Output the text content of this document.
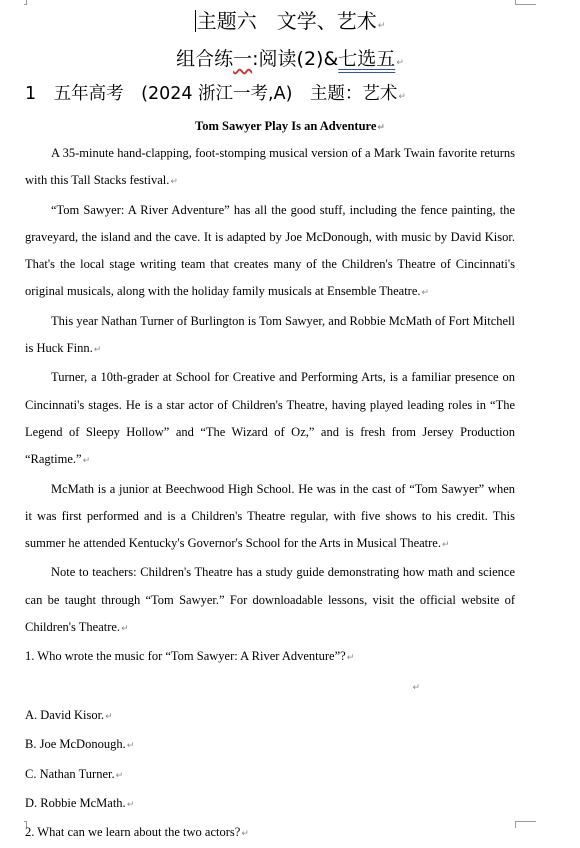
主题六　文学、艺术↵
组合练一:阅读(2)&七选五↵
1　五年高考　(2024 浙江一考,A)　主题：艺术↵
Tom Sawyer Play Is an Adventure↵

A 35-minute hand-clapping, foot-stomping musical version of a Mark Twain favorite returns with this Tall Stacks festival.↵

“Tom Sawyer: A River Adventure” has all the good stuff, including the fence painting, the graveyard, the island and the cave. It is adapted by Joe McDonough, with music by David Kisor. That's the local stage writing team that creates many of the Children's Theatre of Cincinnati's original musicals, along with the holiday family musicals at Ensemble Theatre.↵

This year Nathan Turner of Burlington is Tom Sawyer, and Robbie McMath of Fort Mitchell is Huck Finn.↵

Turner, a 10th-grader at School for Creative and Performing Arts, is a familiar presence on Cincinnati's stages. He is a star actor of Children's Theatre, having played leading roles in “The Legend of Sleepy Hollow” and “The Wizard of Oz,” and is fresh from Jersey Production “Ragtime.”↵

McMath is a junior at Beechwood High School. He was in the cast of “Tom Sawyer” when it was first performed and is a Children's Theatre regular, with five shows to his credit. This summer he attended Kentucky's Governor's School for the Arts in Musical Theatre.↵

Note to teachers: Children's Theatre has a study guide demonstrating how math and science can be taught through “Tom Sawyer.” For downloadable lessons, visit the official website of Children's Theatre.↵

1. Who wrote the music for “Tom Sawyer: A River Adventure”?↵

↵

A. David Kisor.↵

B. Joe McDonough.↵

C. Nathan Turner.↵

D. Robbie McMath.↵

2. What can we learn about the two actors?↵
